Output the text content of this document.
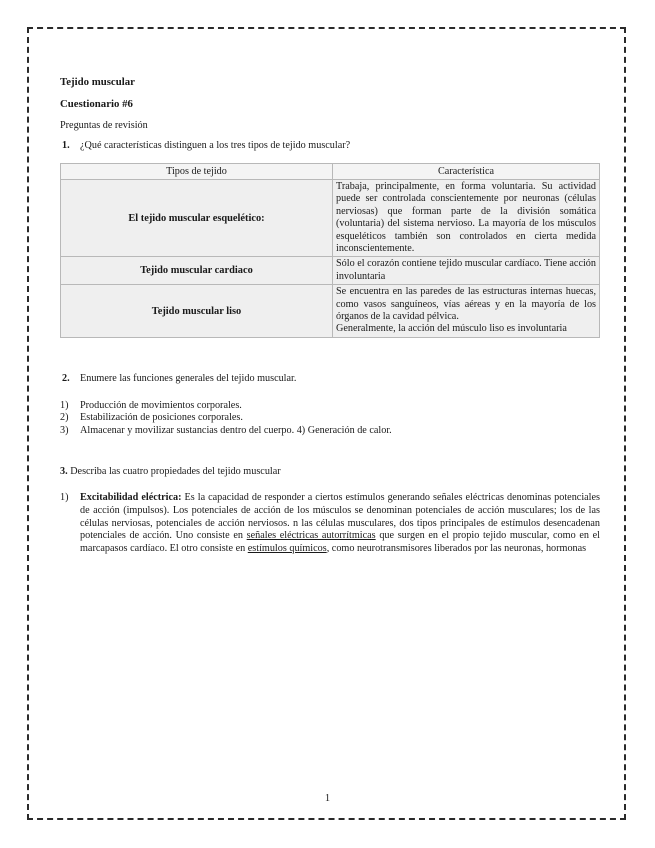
Tejido muscular

Cuestionario #6

Preguntas de revisión

1. ¿Qué características distinguen a los tres tipos de tejido muscular?

Tipos de tejido	Característica
El tejido muscular esquelético:	Trabaja, principalmente, en forma voluntaria. Su actividad puede ser controlada conscientemente por neuronas (células nerviosas) que forman parte de la división somática (voluntaria) del sistema nervioso. La mayoría de los músculos esqueléticos también son controlados en cierta medida inconscientemente.
Tejido muscular cardiaco	Sólo el corazón contiene tejido muscular cardíaco. Tiene acción involuntaria
Tejido muscular liso	Se encuentra en las paredes de las estructuras internas huecas, como vasos sanguíneos, vías aéreas y en la mayoría de los órganos de la cavidad pélvica.
Generalmente, la acción del músculo liso es involuntaria
2. Enumere las funciones generales del tejido muscular.
1) Producción de movimientos corporales.
2) Estabilización de posiciones corporales.
3) Almacenar y movilizar sustancias dentro del cuerpo. 4) Generación de calor.
3. Describa las cuatro propiedades del tejido muscular
1) Excitabilidad eléctrica: Es la capacidad de responder a ciertos estímulos generando señales eléctricas denominas potenciales de acción (impulsos). Los potenciales de acción de los músculos se denominan potenciales de acción musculares; los de las células nerviosas, potenciales de acción nerviosos. n las células musculares, dos tipos principales de estímulos desencadenan potenciales de acción. Uno consiste en señales eléctricas autorrítmicas que surgen en el propio tejido muscular, como en el marcapasos cardíaco. El otro consiste en estímulos químicos, como neurotransmisores liberados por las neuronas, hormonas
1
